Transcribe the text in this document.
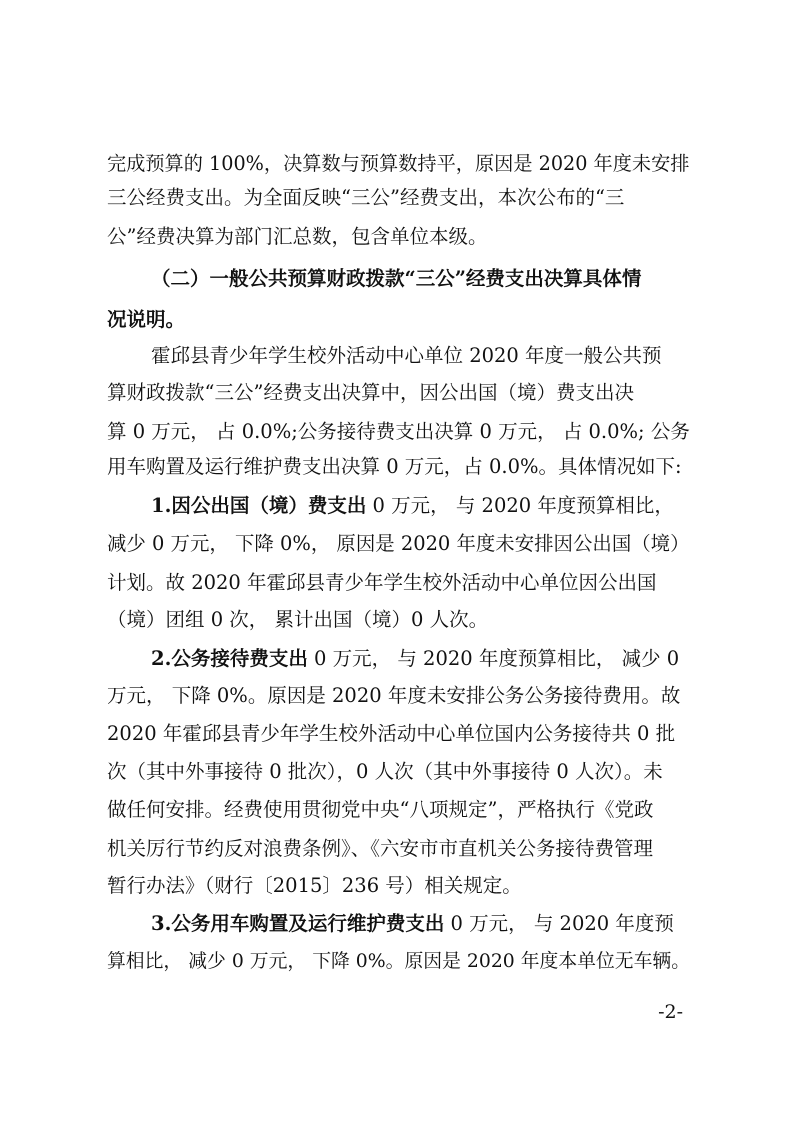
完成预算的 100%，决算数与预算数持平，原因是 2020 年度未安排
三公经费支出。为全面反映“三公”经费支出，本次公布的“三
公”经费决算为部门汇总数，包含单位本级。
（二）一般公共预算财政拨款“三公”经费支出决算具体情
况说明。
霍邱县青少年学生校外活动中心单位 2020 年度一般公共预
算财政拨款“三公”经费支出决算中，因公出国（境）费支出决
算 0 万元， 占 0.0%;公务接待费支出决算 0 万元， 占 0.0%; 公务
用车购置及运行维护费支出决算 0 万元，占 0.0%。具体情况如下:
1.因公出国（境）费支出 0 万元， 与 2020 年度预算相比，
减少 0 万元， 下降 0%， 原因是 2020 年度未安排因公出国（境）
计划。故 2020 年霍邱县青少年学生校外活动中心单位因公出国
（境）团组 0 次， 累计出国（境）0 人次。
2.公务接待费支出 0 万元， 与 2020 年度预算相比， 减少 0
万元， 下降 0%。原因是 2020 年度未安排公务公务接待费用。故
2020 年霍邱县青少年学生校外活动中心单位国内公务接待共 0 批
次（其中外事接待 0 批次），0 人次（其中外事接待 0 人次）。未
做任何安排。经费使用贯彻党中央“八项规定”，严格执行《党政
机关厉行节约反对浪费条例》、《六安市市直机关公务接待费管理
暂行办法》（财行〔2015〕236 号）相关规定。
3.公务用车购置及运行维护费支出 0 万元， 与 2020 年度预
算相比， 减少 0 万元， 下降 0%。原因是 2020 年度本单位无车辆。
-2-
